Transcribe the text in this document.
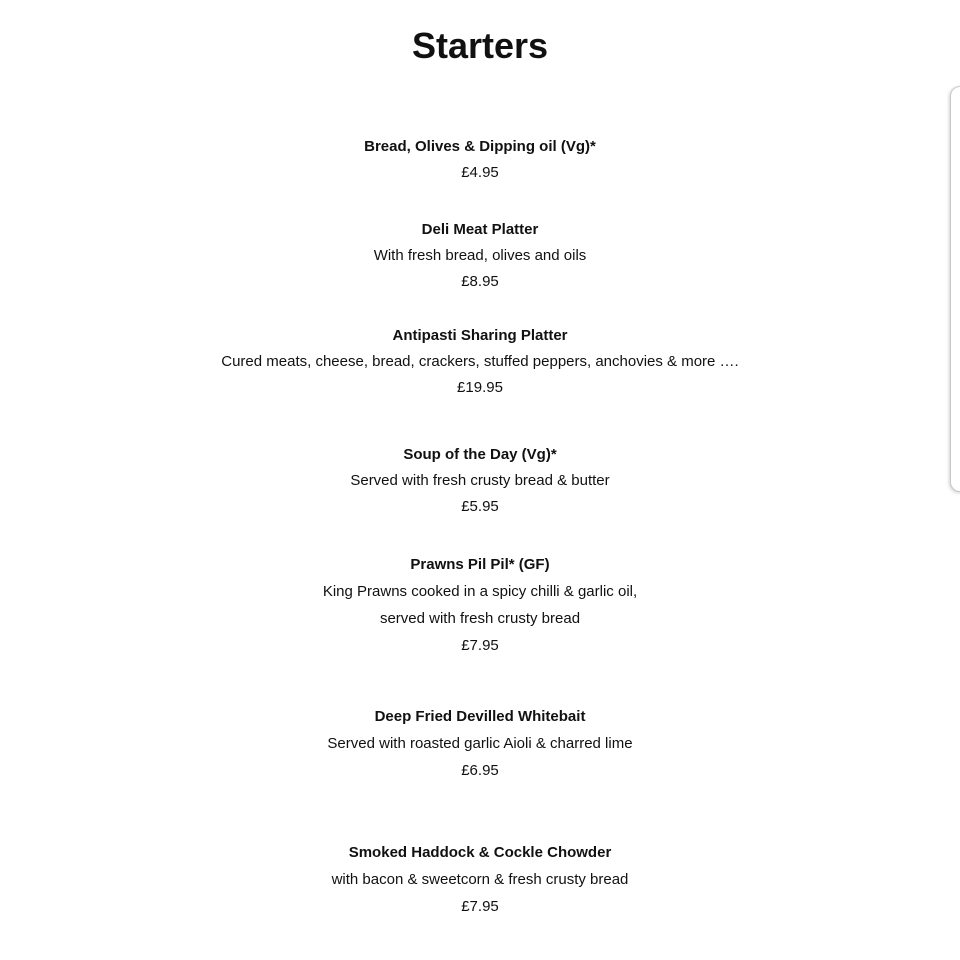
Starters
Bread, Olives & Dipping oil (Vg)*
£4.95
Deli Meat Platter
With fresh bread, olives and oils
£8.95
Antipasti Sharing Platter
Cured meats, cheese, bread, crackers, stuffed peppers, anchovies & more ….
£19.95
Soup of the Day (Vg)*
Served with fresh crusty bread & butter
£5.95
Prawns Pil Pil* (GF)
King Prawns cooked in a spicy chilli & garlic oil,
served with fresh crusty bread
£7.95
Deep Fried Devilled Whitebait
Served with roasted garlic Aioli & charred lime
£6.95
Smoked Haddock & Cockle Chowder
with bacon & sweetcorn & fresh crusty bread
£7.95
